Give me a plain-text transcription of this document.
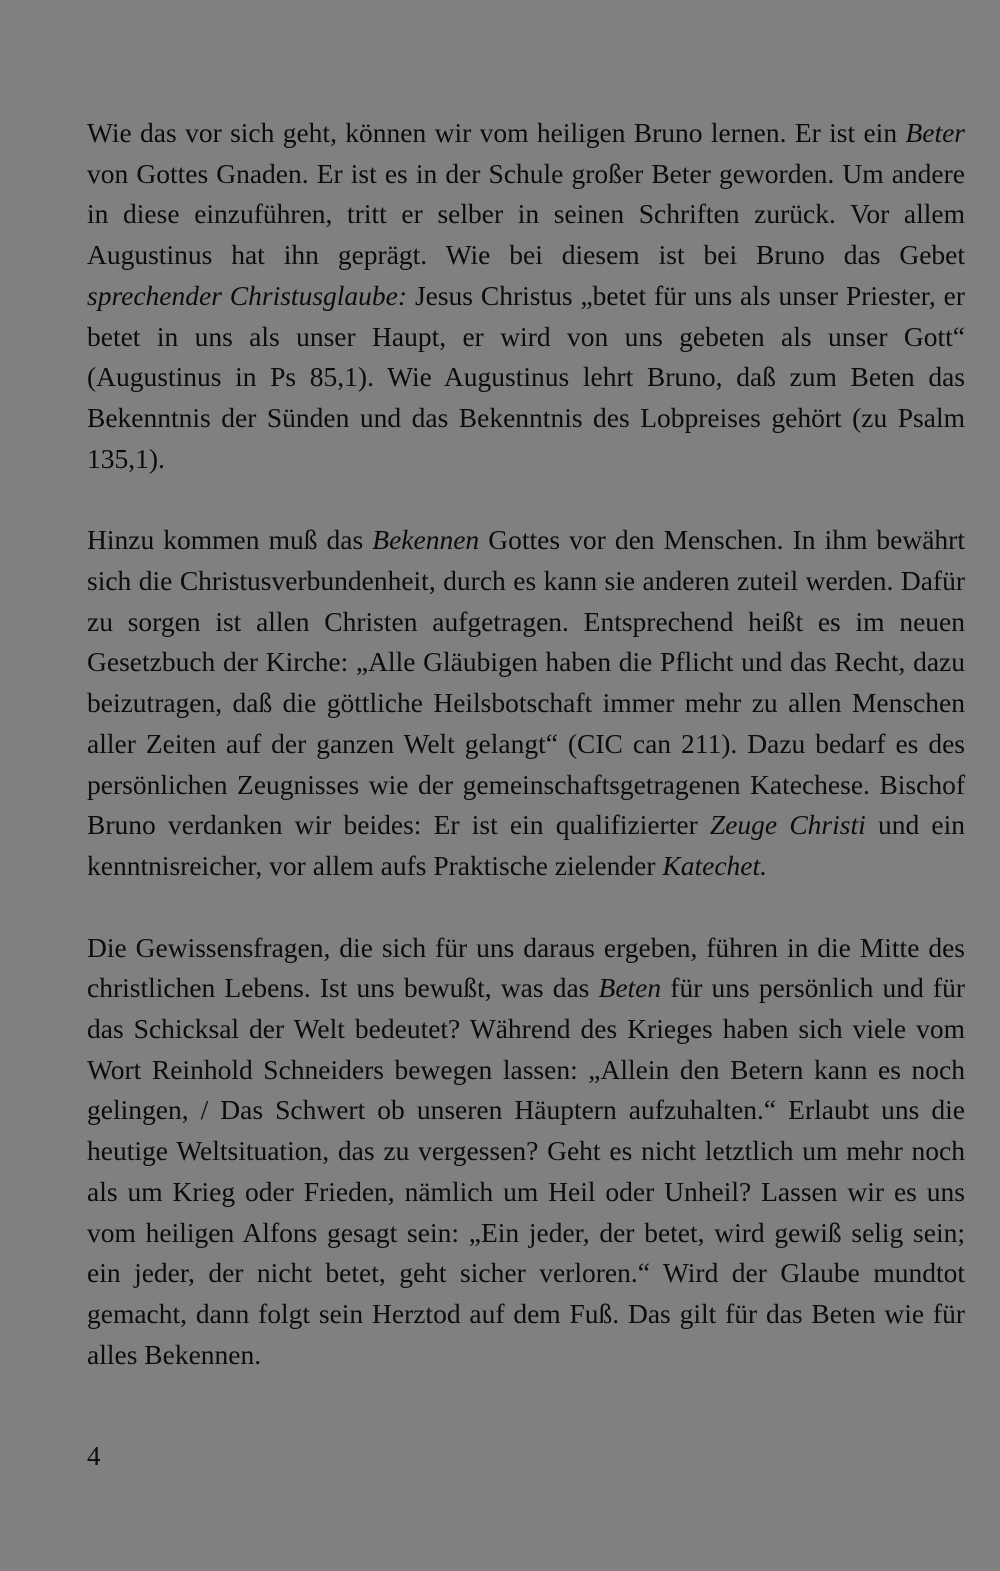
Wie das vor sich geht, können wir vom heiligen Bruno lernen. Er ist ein Beter von Gottes Gnaden. Er ist es in der Schule großer Beter geworden. Um andere in diese einzuführen, tritt er selber in seinen Schriften zurück. Vor allem Augustinus hat ihn geprägt. Wie bei diesem ist bei Bruno das Gebet sprechender Christusglaube: Jesus Christus „betet für uns als unser Priester, er betet in uns als unser Haupt, er wird von uns gebeten als unser Gott“ (Augustinus in Ps 85,1). Wie Augustinus lehrt Bruno, daß zum Beten das Bekenntnis der Sünden und das Bekenntnis des Lobpreises gehört (zu Psalm 135,1).

Hinzu kommen muß das Bekennen Gottes vor den Menschen. In ihm bewährt sich die Christusverbundenheit, durch es kann sie anderen zuteil werden. Dafür zu sorgen ist allen Christen aufgetragen. Entsprechend heißt es im neuen Gesetzbuch der Kirche: „Alle Gläubigen haben die Pflicht und das Recht, dazu beizutragen, daß die göttliche Heilsbotschaft immer mehr zu allen Menschen aller Zeiten auf der ganzen Welt gelangt“ (CIC can 211). Dazu bedarf es des persönlichen Zeugnisses wie der gemeinschaftsgetragenen Katechese. Bischof Bruno verdanken wir beides: Er ist ein qualifizierter Zeuge Christi und ein kenntnisreicher, vor allem aufs Praktische zielender Katechet.

Die Gewissensfragen, die sich für uns daraus ergeben, führen in die Mitte des christlichen Lebens. Ist uns bewußt, was das Beten für uns persönlich und für das Schicksal der Welt bedeutet? Während des Krieges haben sich viele vom Wort Reinhold Schneiders bewegen lassen: „Allein den Betern kann es noch gelingen, / Das Schwert ob unseren Häuptern aufzuhalten.“ Erlaubt uns die heutige Weltsituation, das zu vergessen? Geht es nicht letztlich um mehr noch als um Krieg oder Frieden, nämlich um Heil oder Unheil? Lassen wir es uns vom heiligen Alfons gesagt sein: „Ein jeder, der betet, wird gewiß selig sein; ein jeder, der nicht betet, geht sicher verloren.“ Wird der Glaube mundtot gemacht, dann folgt sein Herztod auf dem Fuß. Das gilt für das Beten wie für alles Bekennen.

4
